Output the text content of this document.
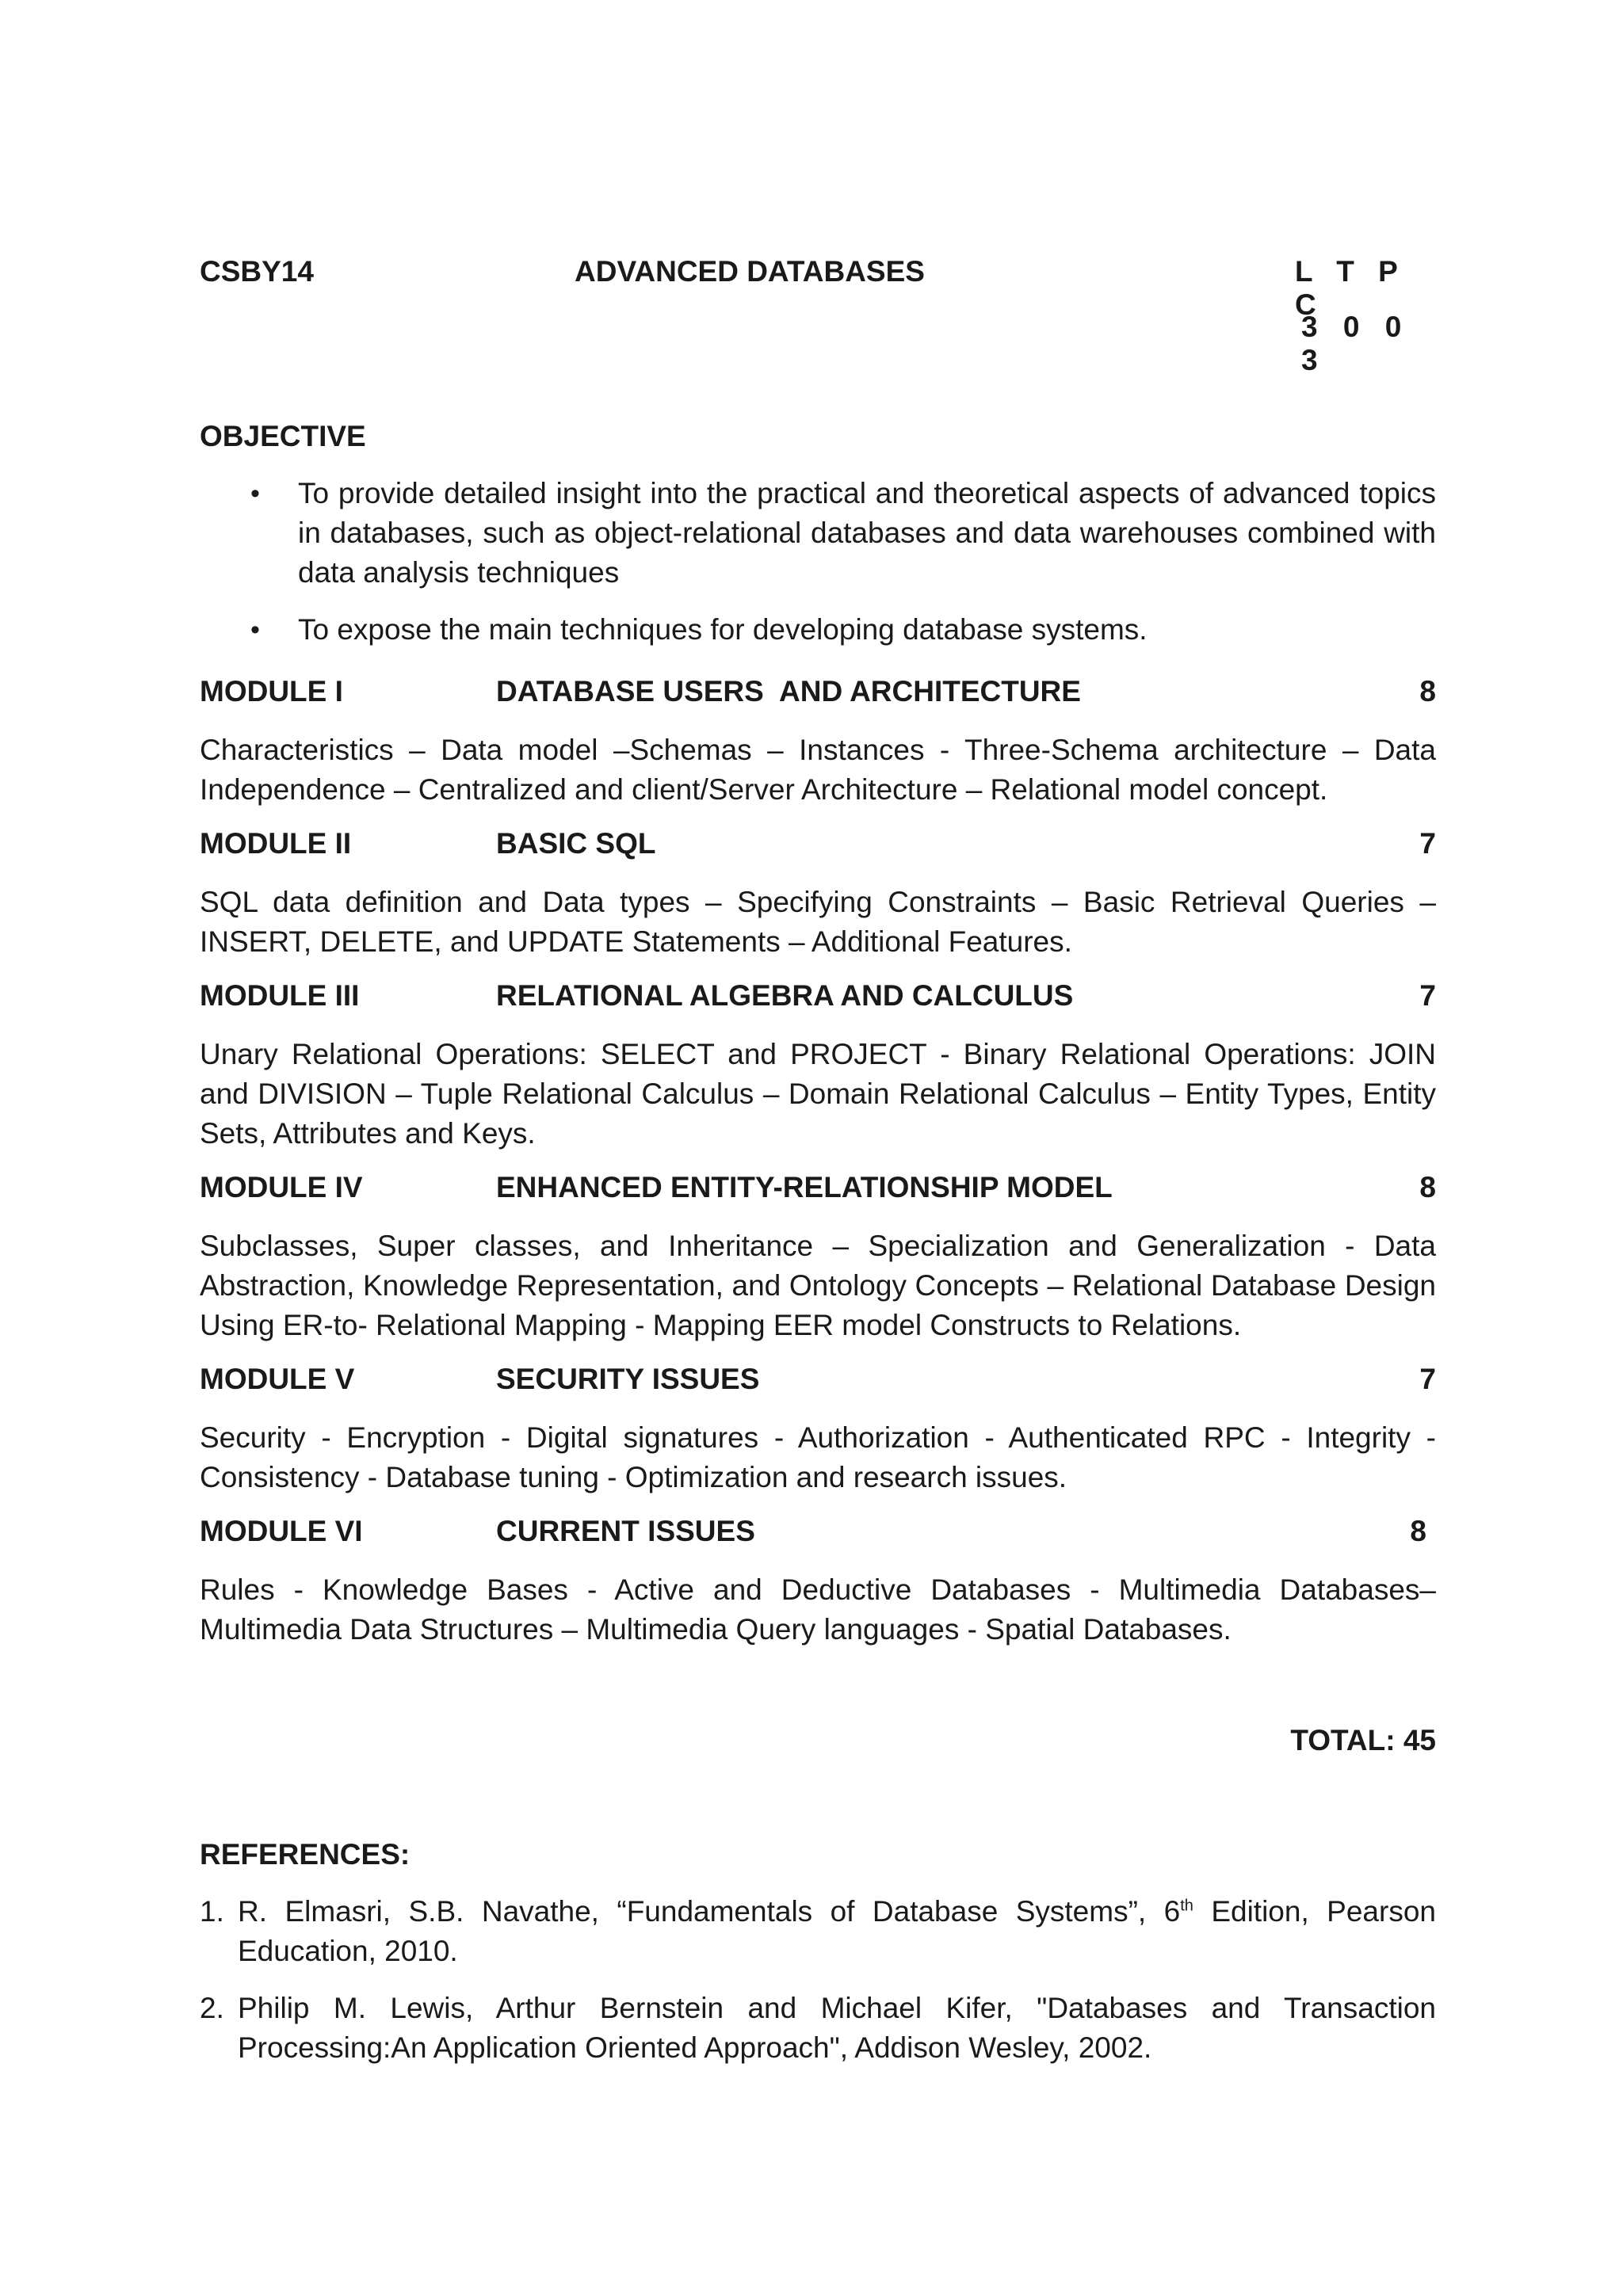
CSBY14	ADVANCED DATABASES	L T P C
3 0 0 3
OBJECTIVE
• To provide detailed insight into the practical and theoretical aspects of advanced topics in databases, such as object-relational databases and data warehouses combined with data analysis techniques
• To expose the main techniques for developing database systems.
MODULE I	DATABASE USERS  AND ARCHITECTURE	8
Characteristics – Data model –Schemas – Instances - Three-Schema architecture – Data Independence – Centralized and client/Server Architecture – Relational model concept.
MODULE II	BASIC SQL	7
SQL data definition and Data types – Specifying Constraints – Basic Retrieval Queries – INSERT, DELETE, and UPDATE Statements – Additional Features.
MODULE III	RELATIONAL ALGEBRA AND CALCULUS	7
Unary Relational Operations: SELECT and PROJECT - Binary Relational Operations: JOIN and DIVISION – Tuple Relational Calculus – Domain Relational Calculus – Entity Types, Entity Sets, Attributes and Keys.
MODULE IV	ENHANCED ENTITY-RELATIONSHIP MODEL	8
Subclasses, Super classes, and Inheritance – Specialization and Generalization - Data Abstraction, Knowledge Representation, and Ontology Concepts – Relational Database Design Using ER-to- Relational Mapping - Mapping EER model Constructs to Relations.
MODULE V	SECURITY ISSUES	7
Security - Encryption - Digital signatures - Authorization - Authenticated RPC - Integrity - Consistency - Database tuning - Optimization and research issues.
MODULE VI	CURRENT ISSUES	8
Rules - Knowledge Bases - Active and Deductive Databases - Multimedia Databases– Multimedia Data Structures – Multimedia Query languages - Spatial Databases.
TOTAL: 45
REFERENCES:
1. R. Elmasri, S.B. Navathe, “Fundamentals of Database Systems”, 6th Edition, Pearson Education, 2010.
2. Philip M. Lewis, Arthur Bernstein and Michael Kifer, "Databases and Transaction Processing:An Application Oriented Approach", Addison Wesley, 2002.
